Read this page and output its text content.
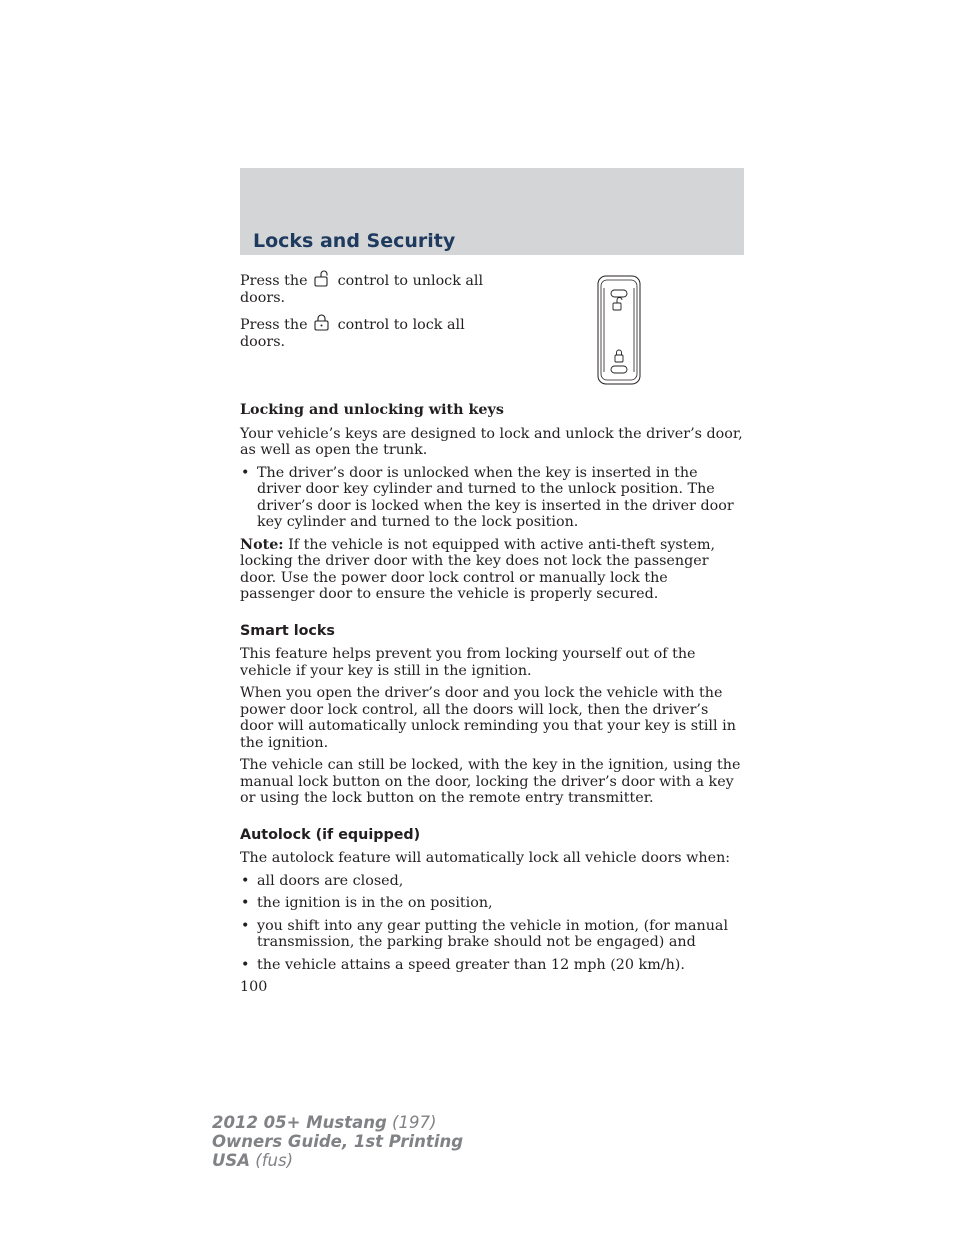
Locks and Security

Press the control to unlock all doors.

Press the control to lock all doors.

Locking and unlocking with keys

Your vehicle’s keys are designed to lock and unlock the driver’s door, as well as open the trunk.

• The driver’s door is unlocked when the key is inserted in the driver door key cylinder and turned to the unlock position. The driver’s door is locked when the key is inserted in the driver door key cylinder and turned to the lock position.

Note: If the vehicle is not equipped with active anti-theft system, locking the driver door with the key does not lock the passenger door. Use the power door lock control or manually lock the passenger door to ensure the vehicle is properly secured.

Smart locks

This feature helps prevent you from locking yourself out of the vehicle if your key is still in the ignition.

When you open the driver’s door and you lock the vehicle with the power door lock control, all the doors will lock, then the driver’s door will automatically unlock reminding you that your key is still in the ignition.

The vehicle can still be locked, with the key in the ignition, using the manual lock button on the door, locking the driver’s door with a key or using the lock button on the remote entry transmitter.

Autolock (if equipped)

The autolock feature will automatically lock all vehicle doors when:

• all doors are closed,
• the ignition is in the on position,
• you shift into any gear putting the vehicle in motion, (for manual transmission, the parking brake should not be engaged) and
• the vehicle attains a speed greater than 12 mph (20 km/h).
100
2012 05+ Mustang (197)
Owners Guide, 1st Printing
USA (fus)
